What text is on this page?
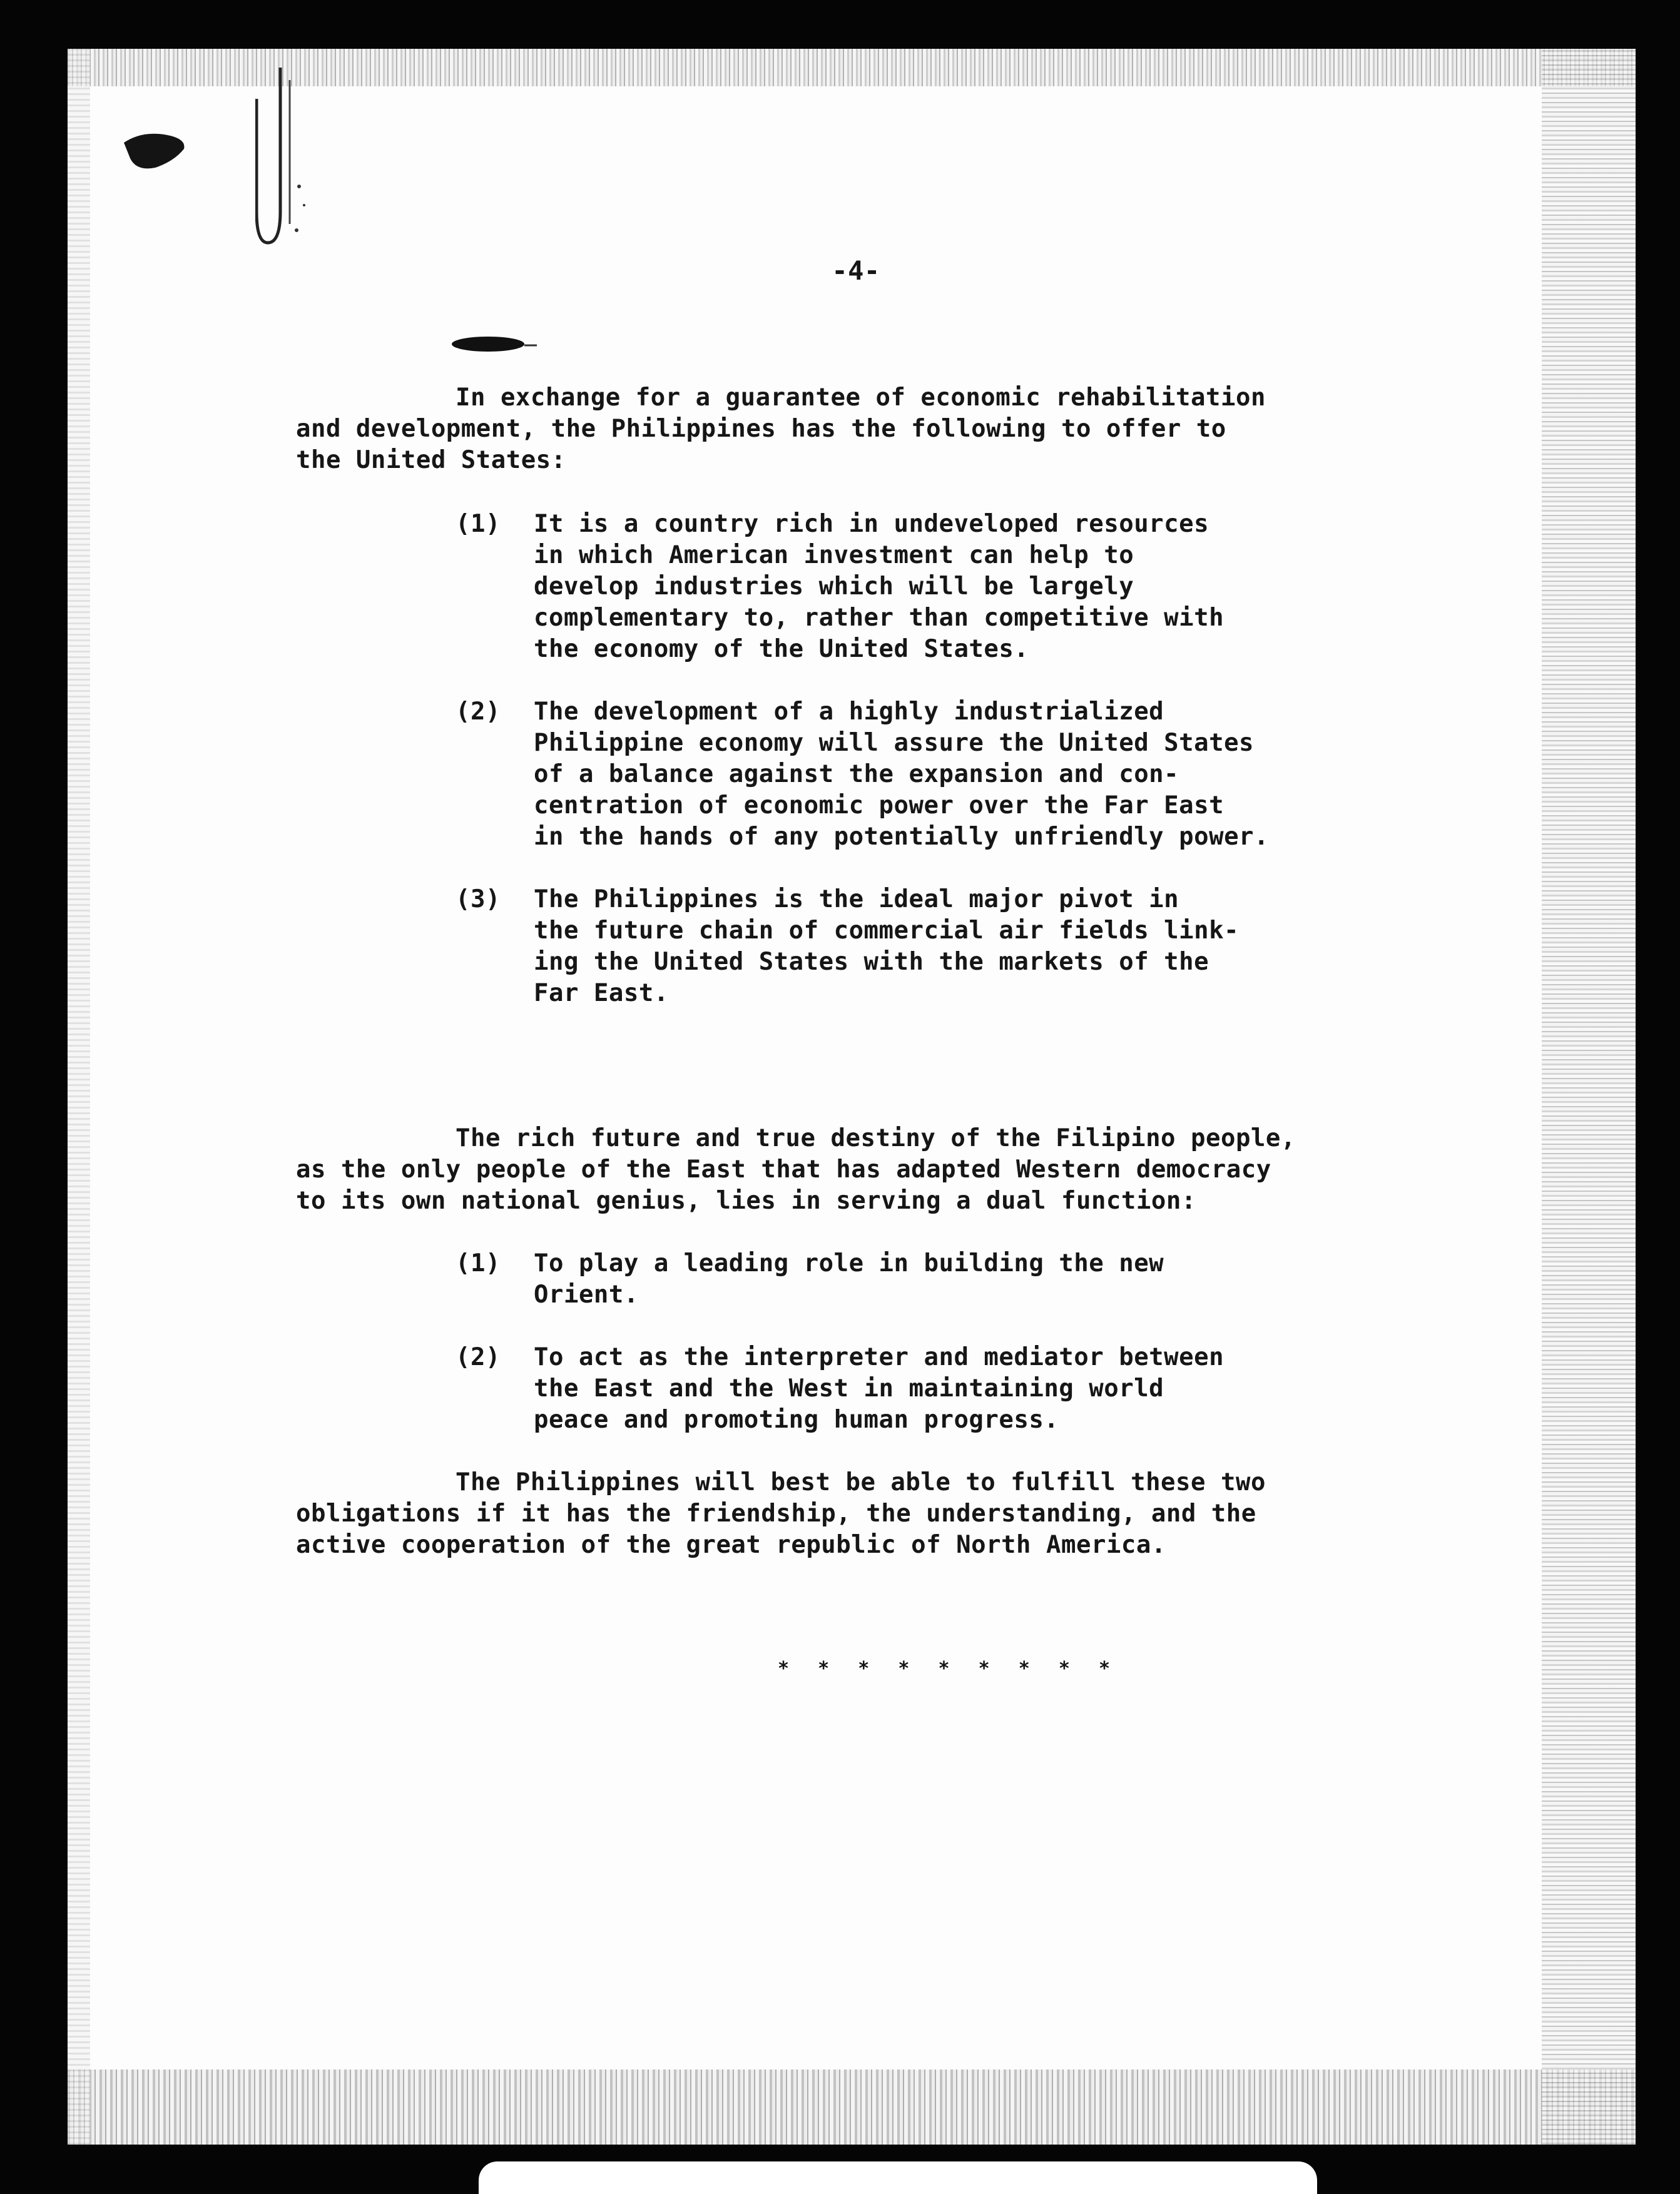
-4-
In exchange for a guarantee of economic rehabilitation
and development, the Philippines has the following to offer to
the United States:
(1)	It is a country rich in undeveloped resources
in which American investment can help to
develop industries which will be largely
complementary to, rather than competitive with
the economy of the United States.
(2)	The development of a highly industrialized
Philippine economy will assure the United States
of a balance against the expansion and con-
centration of economic power over the Far East
in the hands of any potentially unfriendly power.
(3)	The Philippines is the ideal major pivot in
the future chain of commercial air fields link-
ing the United States with the markets of the
Far East.
The rich future and true destiny of the Filipino people,
as the only people of the East that has adapted Western democracy
to its own national genius, lies in serving a dual function:
(1)	To play a leading role in building the new
Orient.
(2)	To act as the interpreter and mediator between
the East and the West in maintaining world
peace and promoting human progress.
The Philippines will best be able to fulfill these two
obligations if it has the friendship, the understanding, and the
active cooperation of the great republic of North America.
* * * * * * * * *
